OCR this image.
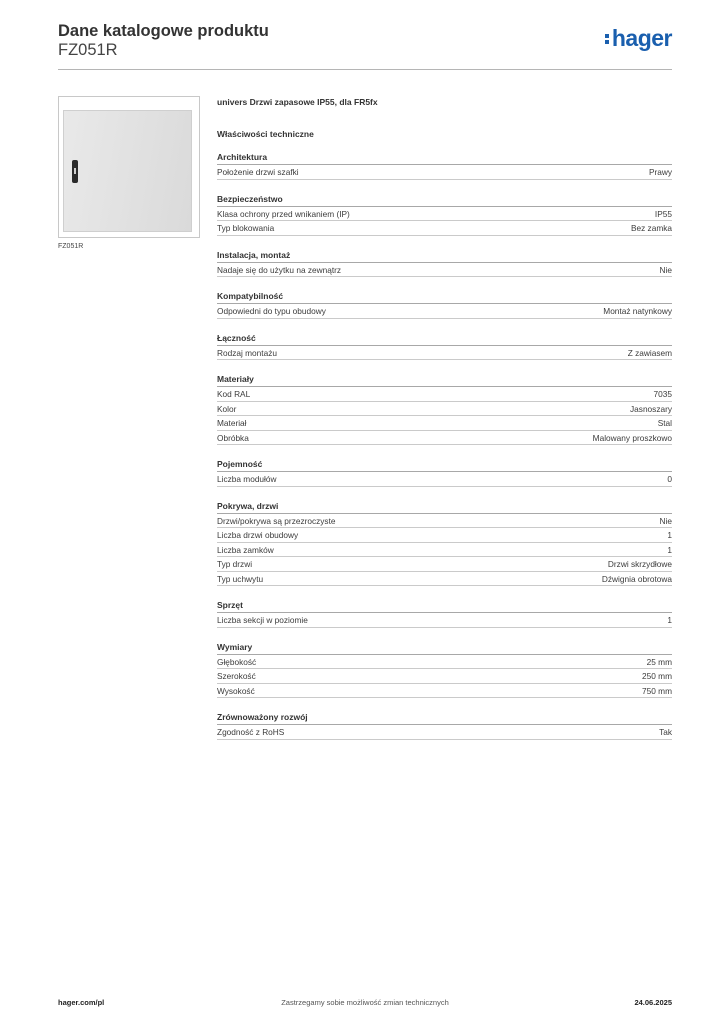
Dane katalogowe produktu
FZ051R	hager
FZ051R
univers Drzwi zapasowe IP55, dla FR5fx
Właściwości techniczne
Architektura
Położenie drzwi szafki	Prawy
Bezpieczeństwo
Klasa ochrony przed wnikaniem (IP)	IP55
Typ blokowania	Bez zamka
Instalacja, montaż
Nadaje się do użytku na zewnątrz	Nie
Kompatybilność
Odpowiedni do typu obudowy	Montaż natynkowy
Łączność
Rodzaj montażu	Z zawiasem
Materiały
Kod RAL	7035
Kolor	Jasnoszary
Materiał	Stal
Obróbka	Malowany proszkowo
Pojemność
Liczba modułów	0
Pokrywa, drzwi
Drzwi/pokrywa są przezroczyste	Nie
Liczba drzwi obudowy	1
Liczba zamków	1
Typ drzwi	Drzwi skrzydłowe
Typ uchwytu	Dźwignia obrotowa
Sprzęt
Liczba sekcji w poziomie	1
Wymiary
Głębokość	25 mm
Szerokość	250 mm
Wysokość	750 mm
Zrównoważony rozwój
Zgodność z RoHS	Tak
hager.com/pl	Zastrzegamy sobie możliwość zmian technicznych	24.06.2025
